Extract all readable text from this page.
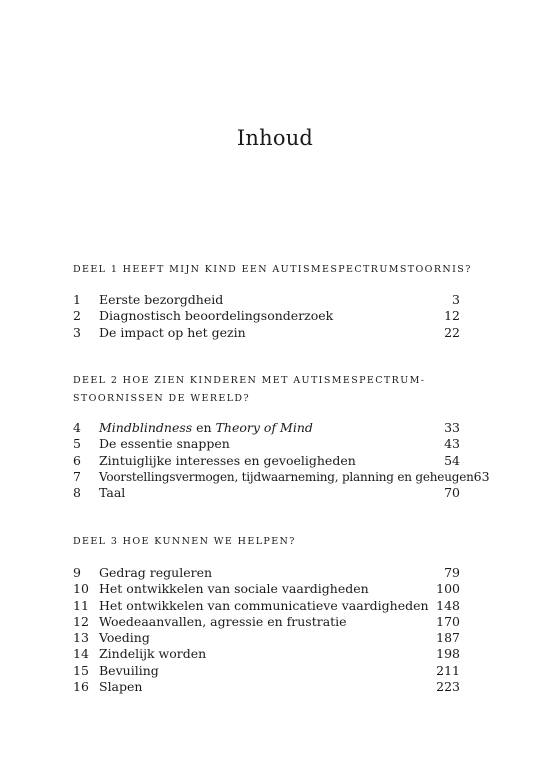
Inhoud
DEEL 1 HEEFT MIJN KIND EEN AUTISMESPECTRUMSTOORNIS?
1	Eerste bezorgdheid	3
2	Diagnostisch beoordelingsonderzoek	12
3	De impact op het gezin	22
DEEL 2 HOE ZIEN KINDEREN MET AUTISMESPECTRUM-STOORNISSEN DE WERELD?
4	Mindblindness en Theory of Mind	33
5	De essentie snappen	43
6	Zintuiglijke interesses en gevoeligheden	54
7	Voorstellingsvermogen, tijdwaarneming, planning en geheugen 63
8	Taal	70
DEEL 3 HOE KUNNEN WE HELPEN?
9	Gedrag reguleren	79
10 Het ontwikkelen van sociale vaardigheden	100
11 Het ontwikkelen van communicatieve vaardigheden 148
12 Woedeaanvallen, agressie en frustratie	170
13 Voeding	187
14 Zindelijk worden	198
15 Bevuiling	211
16 Slapen	223
